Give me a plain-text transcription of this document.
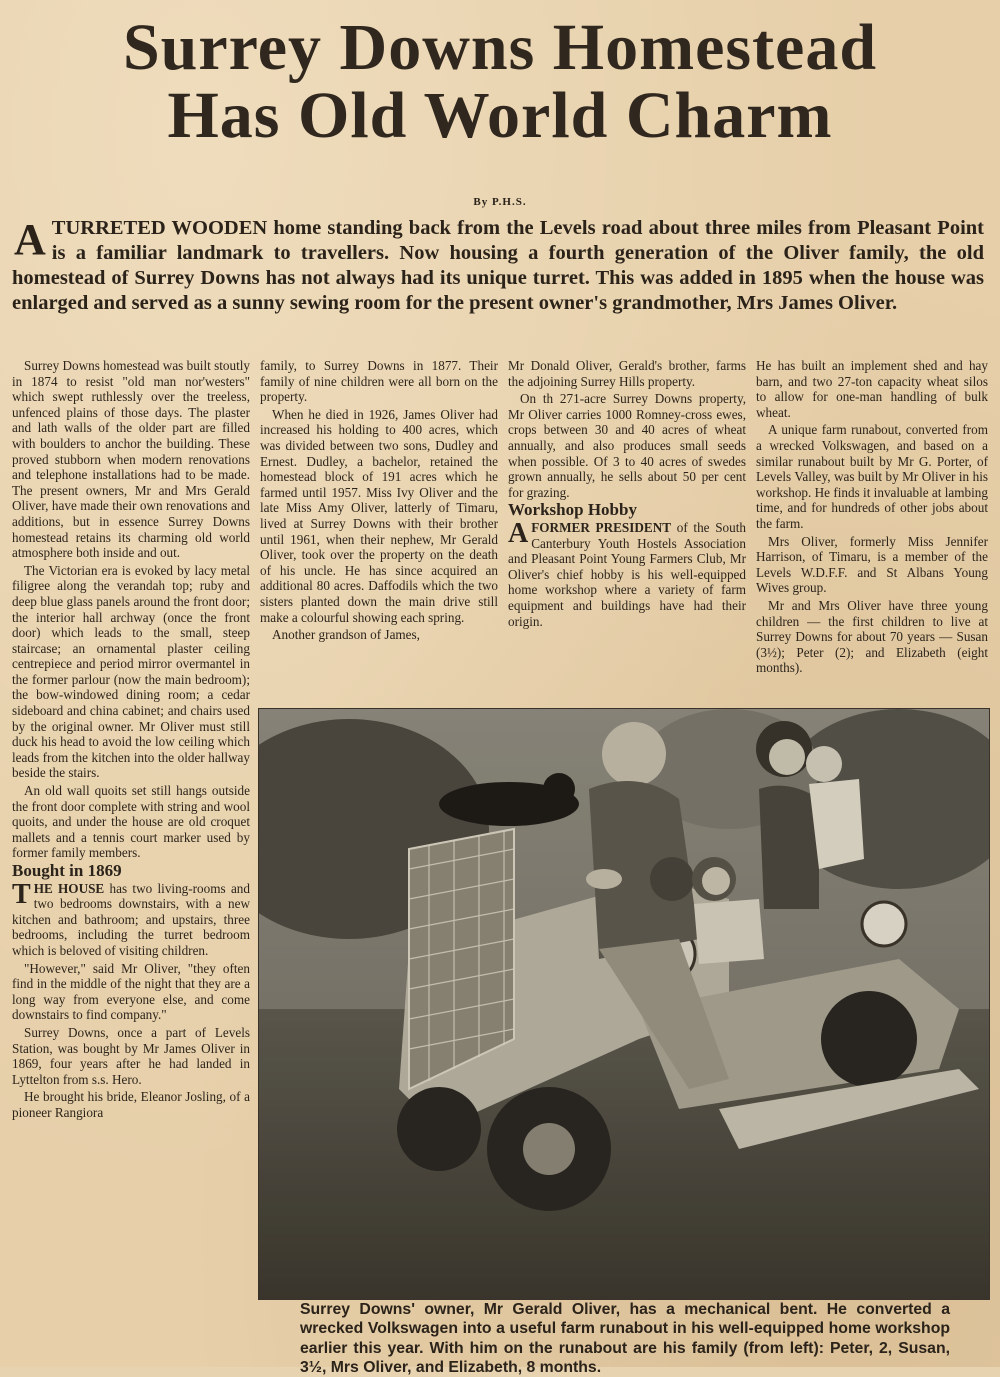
Surrey Downs Homestead
Has Old World Charm

By P.H.S.

ATURRETED WOODEN home standing back from the Levels road about three miles from Pleasant Point is a familiar landmark to travellers. Now housing a fourth generation of the Oliver family, the old homestead of Surrey Downs has not always had its unique turret. This was added in 1895 when the house was enlarged and served as a sunny sewing room for the present owner's grandmother, Mrs James Oliver.

Surrey Downs homestead was built stoutly in 1874 to resist "old man nor'westers" which swept ruthlessly over the treeless, unfenced plains of those days. The plaster and lath walls of the older part are filled with boulders to anchor the building. These proved stubborn when modern renovations and telephone installations had to be made. The present owners, Mr and Mrs Gerald Oliver, have made their own renovations and additions, but in essence Surrey Downs homestead retains its charming old world atmosphere both inside and out.

The Victorian era is evoked by lacy metal filigree along the verandah top; ruby and deep blue glass panels around the front door; the interior hall archway (once the front door) which leads to the small, steep staircase; an ornamental plaster ceiling centrepiece and period mirror overmantel in the former parlour (now the main bedroom); the bow-windowed dining room; a cedar sideboard and china cabinet; and chairs used by the original owner. Mr Oliver must still duck his head to avoid the low ceiling which leads from the kitchen into the older hallway beside the stairs.

An old wall quoits set still hangs outside the front door complete with string and wool quoits, and under the house are old croquet mallets and a tennis court marker used by former family members.

Bought in 1869

THE HOUSE has two living-rooms and two bedrooms downstairs, with a new kitchen and bathroom; and upstairs, three bedrooms, including the turret bedroom which is beloved of visiting children.

"However," said Mr Oliver, "they often find in the middle of the night that they are a long way from everyone else, and come downstairs to find company."

Surrey Downs, once a part of Levels Station, was bought by Mr James Oliver in 1869, four years after he had landed in Lyttelton from s.s. Hero.

He brought his bride, Eleanor Josling, of a pioneer Rangiora

family, to Surrey Downs in 1877. Their family of nine children were all born on the property.

When he died in 1926, James Oliver had increased his holding to 400 acres, which was divided between two sons, Dudley and Ernest. Dudley, a bachelor, retained the homestead block of 191 acres which he farmed until 1957. Miss Ivy Oliver and the late Miss Amy Oliver, latterly of Timaru, lived at Surrey Downs with their brother until 1961, when their nephew, Mr Gerald Oliver, took over the property on the death of his uncle. He has since acquired an additional 80 acres. Daffodils which the two sisters planted down the main drive still make a colourful showing each spring.

Another grandson of James,

Mr Donald Oliver, Gerald's brother, farms the adjoining Surrey Hills property.

On th 271-acre Surrey Downs property, Mr Oliver carries 1000 Romney-cross ewes, crops between 30 and 40 acres of wheat annually, and also produces small seeds when possible. Of 3 to 40 acres of swedes grown annually, he sells about 50 per cent for grazing.

Workshop Hobby

AFORMER PRESIDENT of the South Canterbury Youth Hostels Association and Pleasant Point Young Farmers Club, Mr Oliver's chief hobby is his well-equipped home workshop where a variety of farm equipment and buildings have had their origin.

He has built an implement shed and hay barn, and two 27-ton capacity wheat silos to allow for one-man handling of bulk wheat.

A unique farm runabout, converted from a wrecked Volkswagen, and based on a similar runabout built by Mr G. Porter, of Levels Valley, was built by Mr Oliver in his workshop. He finds it invaluable at lambing time, and for hundreds of other jobs about the farm.

Mrs Oliver, formerly Miss Jennifer Harrison, of Timaru, is a member of the Levels W.D.F.F. and St Albans Young Wives group.

Mr and Mrs Oliver have three young children — the first children to live at Surrey Downs for about 70 years — Susan (3½); Peter (2); and Elizabeth (eight months).

Surrey Downs' owner, Mr Gerald Oliver, has a mechanical bent. He converted a wrecked Volkswagen into a useful farm runabout in his well-equipped home workshop earlier this year. With him on the runabout are his family (from left): Peter, 2, Susan, 3½, Mrs Oliver, and Elizabeth, 8 months.
